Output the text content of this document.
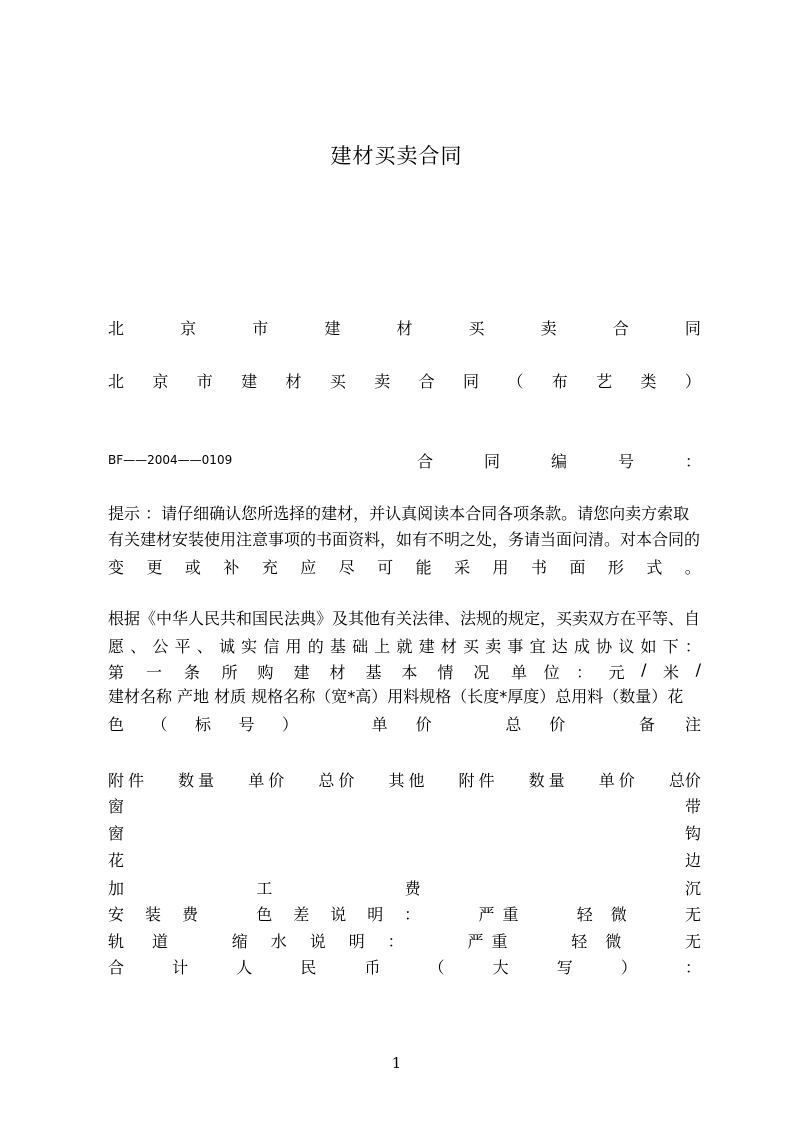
建材买卖合同
北	京	市	建	材	买	卖	合	同
北 京 市 建 材 买 卖 合 同 （ 布 艺 类 ）
BF——2004——0109	合	同	编	号	：
提示 ：请仔细确认您所选择的建材，并认真阅读本合同各项条款。请您向卖方索取
有关建材安装使用注意事项的书面资料，如有不明之处，务请当面问清。对本合同的
变 更 或 补 充 应 尽 可 能 采 用 书 面 形 式 。
根据《中华人民共和国民法典》及其他有关法律、法规的规定，买卖双方在平等、自
愿 、 公 平 、 诚 实 信 用 的 基 础 上 就 建 材 买 卖 事 宜 达 成 协 议 如 下 ：
第 一 条 所 购 建 材 基 本 情 况 单 位 ： 元 / 米 /
建材名称 产地 材质 规格名称（宽*高）用料规格（长度*厚度）总用料（数量）花
色 （ 标 号 ）	单 价	总 价	备 注
附件 数量 单价 总价 其他 附件 数量 单价 总价
窗	带
窗	钩
花	边
加	工	费	沉
安 装 费	色 差 说 明 ：	严 重	轻 微	无
轨 道	缩 水 说 明 ：	严 重	轻 微	无
合	计	人	民	币	（	大	写	）	：
1
